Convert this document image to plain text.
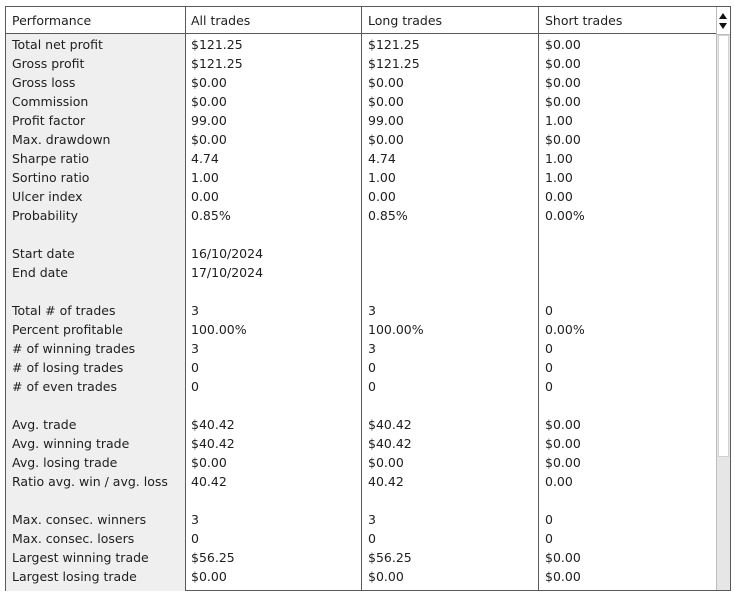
Performance	All trades	Long trades	Short trades
Total net profit	$121.25	$121.25	$0.00
Gross profit	$121.25	$121.25	$0.00
Gross loss	$0.00	$0.00	$0.00
Commission	$0.00	$0.00	$0.00
Profit factor	99.00	99.00	1.00
Max. drawdown	$0.00	$0.00	$0.00
Sharpe ratio	4.74	4.74	1.00
Sortino ratio	1.00	1.00	1.00
Ulcer index	0.00	0.00	0.00
Probability	0.85%	0.85%	0.00%
Start date	16/10/2024
End date	17/10/2024
Total # of trades	3	3	0
Percent profitable	100.00%	100.00%	0.00%
# of winning trades	3	3	0
# of losing trades	0	0	0
# of even trades	0	0	0
Avg. trade	$40.42	$40.42	$0.00
Avg. winning trade	$40.42	$40.42	$0.00
Avg. losing trade	$0.00	$0.00	$0.00
Ratio avg. win / avg. loss	40.42	40.42	0.00
Max. consec. winners	3	3	0
Max. consec. losers	0	0	0
Largest winning trade	$56.25	$56.25	$0.00
Largest losing trade	$0.00	$0.00	$0.00
